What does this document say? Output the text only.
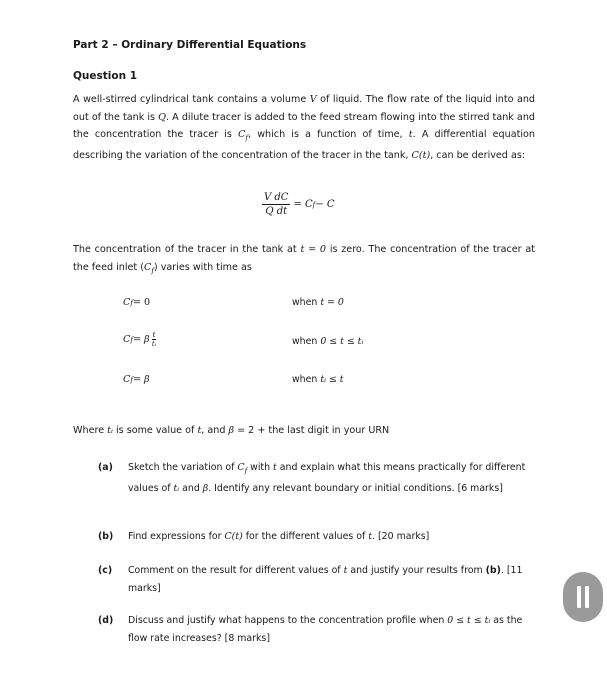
Part 2 – Ordinary Differential Equations
Question 1
A well-stirred cylindrical tank contains a volume V of liquid. The flow rate of the liquid into and out of the tank is Q. A dilute tracer is added to the feed stream flowing into the stirred tank and the concentration the tracer is $C_f$, which is a function of time, t. A differential equation describing the variation of the concentration of the tracer in the tank, C(t), can be derived as:
$\frac{\text{V dC}}{\text{Q dt}} = C$ f − C
The concentration of the tracer in the tank at t = 0 is zero. The concentration of the tracer at the feed inlet $(C_f)$ varies with time as
C f = 0	when t = 0
C f = β $\frac{t}{\text{tᵢ}}$	when 0 ≤ t ≤ tᵢ
C f = β	when tᵢ ≤ t
Where tᵢ is some value of t, and β = 2 + the last digit in your URN
(a) Sketch the variation of $C_f$ with t and explain what this means practically for different values of tᵢ and β. Identify any relevant boundary or initial conditions. [6 marks]
(b) Find expressions for C(t) for the different values of t. [20 marks]
(c) Comment on the result for different values of t and justify your results from (b). [11 marks]
(d) Discuss and justify what happens to the concentration profile when 0 ≤ t ≤ tᵢ as the flow rate increases? [8 marks]
